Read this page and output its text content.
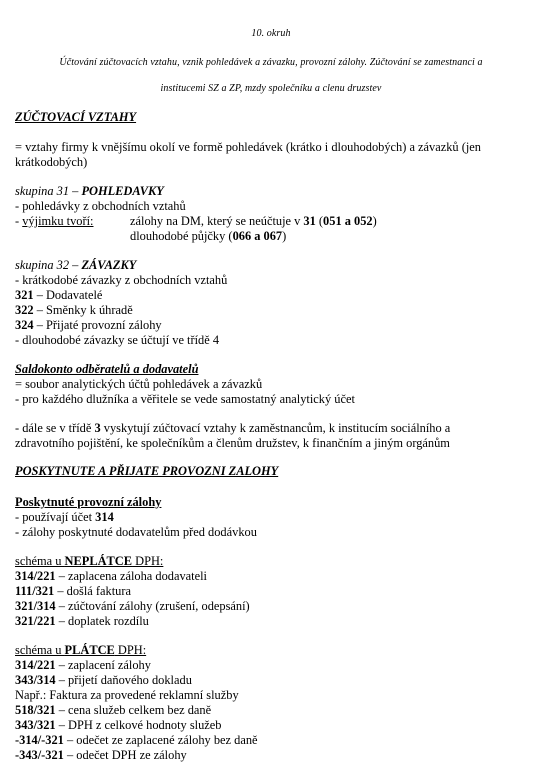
10. okruh
Účtování zúčtovacích vztahu, vznik pohledávek a závazku, provozní zálohy. Zúčtování se zamestnanci a
institucemi SZ a ZP, mzdy společníku a clenu druzstev
ZÚČTOVACÍ VZTAHY
= vztahy firmy k vnějšímu okolí ve formě pohledávek (krátko i dlouhodobých) a závazků (jen
krátkodobých)
skupina 31 – POHLEDAVKY
- pohledávky z obchodních vztahů
- výjimku tvoří:	zálohy na DM, který se neúčtuje v 31 (051 a 052)
dlouhodobé půjčky (066 a 067)
skupina 32 – ZÁVAZKY
- krátkodobé závazky z obchodních vztahů
321 – Dodavatelé
322 – Směnky k úhradě
324 – Přijaté provozní zálohy
- dlouhodobé závazky se účtují ve třídě 4
Saldokonto odběratelů a dodavatelů
= soubor analytických účtů pohledávek a závazků
- pro každého dlužníka a věřitele se vede samostatný analytický účet
- dále se v třídě 3 vyskytují zúčtovací vztahy k zaměstnancům, k institucím sociálního a
zdravotního pojištění, ke společníkům a členům družstev, k finančním a jiným orgánům
POSKYTNUTE A PŘIJATE PROVOZNI ZALOHY
Poskytnuté provozní zálohy
- používají účet 314
- zálohy poskytnuté dodavatelům před dodávkou
schéma u NEPLÁTCE DPH:
314/221 – zaplacena záloha dodavateli
111/321 – došlá faktura
321/314 – zúčtování zálohy (zrušení, odepsání)
321/221 – doplatek rozdílu
schéma u PLÁTCE DPH:
314/221 – zaplacení zálohy
343/314 – přijetí daňového dokladu
Např.: Faktura za provedené reklamní služby
518/321 – cena služeb celkem bez daně
343/321 – DPH z celkové hodnoty služeb
-314/-321 – odečet ze zaplacené zálohy bez daně
-343/-321 – odečet DPH ze zálohy
